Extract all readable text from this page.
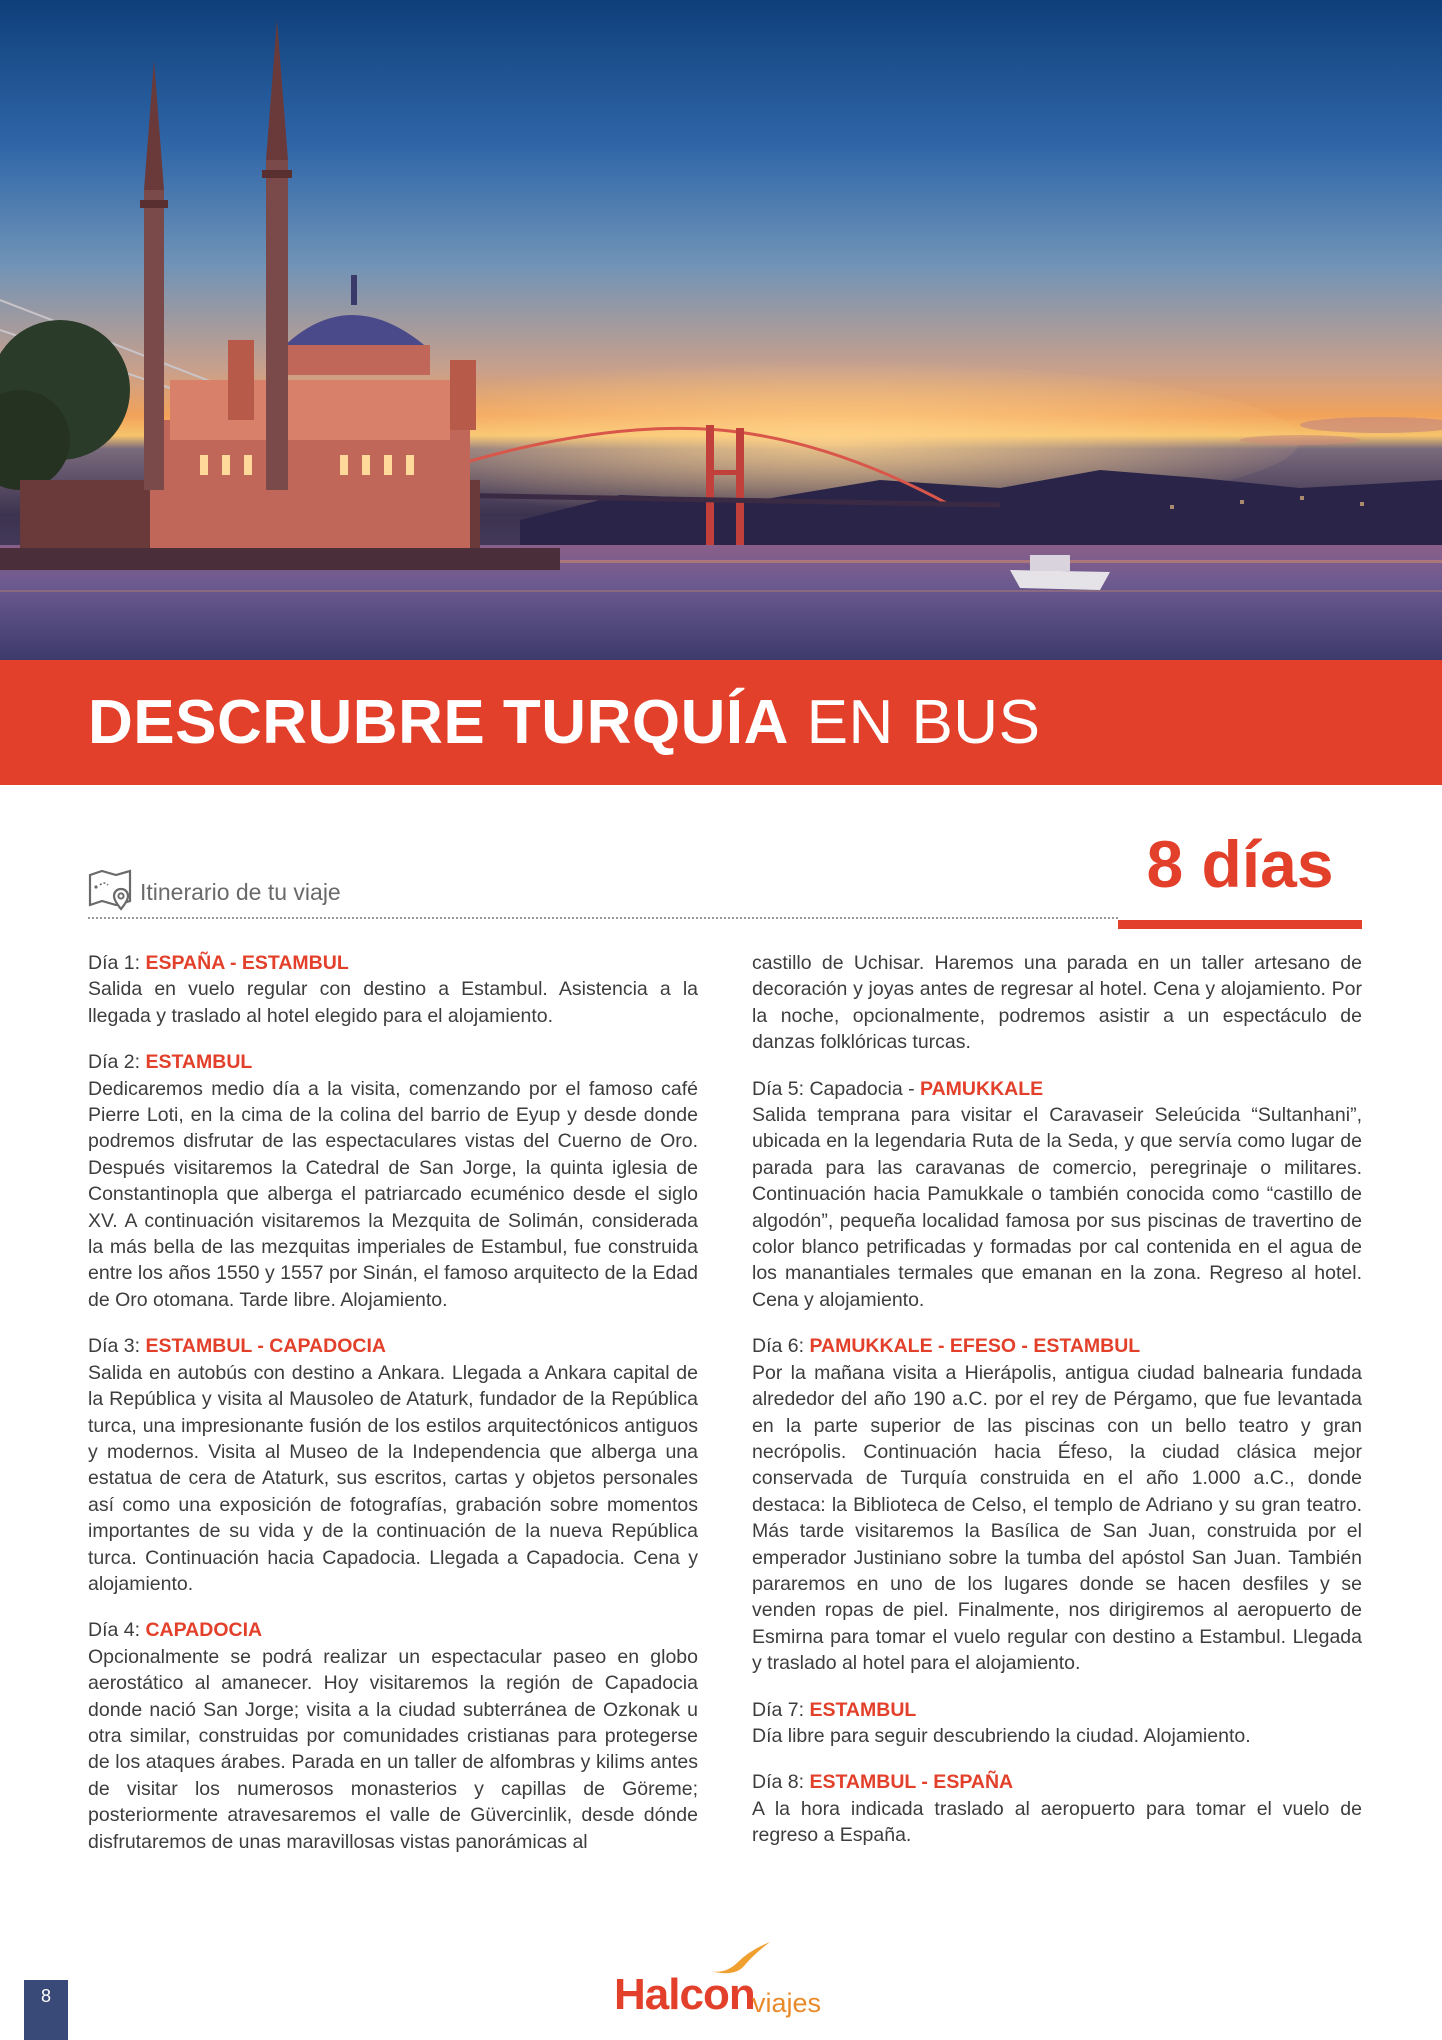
DESCRUBRE TURQUÍA EN BUS
Itinerario de tu viaje	8 días

Día 1: ESPAÑA - ESTAMBUL

Salida en vuelo regular con destino a Estambul. Asistencia a la llegada y traslado al hotel elegido para el alojamiento.

Día 2: ESTAMBUL

Dedicaremos medio día a la visita, comenzando por el famoso café Pierre Loti, en la cima de la colina del barrio de Eyup y desde donde podremos disfrutar de las espectaculares vistas del Cuerno de Oro. Después visitaremos la Catedral de San Jorge, la quinta iglesia de Constantinopla que alberga el patriarcado ecuménico desde el siglo XV. A continuación visitaremos la Mezquita de Solimán, considerada la más bella de las mezquitas imperiales de Estambul, fue construida entre los años 1550 y 1557 por Sinán, el famoso arquitecto de la Edad de Oro otomana. Tarde libre. Alojamiento.

Día 3: ESTAMBUL - CAPADOCIA

Salida en autobús con destino a Ankara. Llegada a Ankara capital de la República y visita al Mausoleo de Ataturk, fundador de la República turca, una impresionante fusión de los estilos arquitectónicos antiguos y modernos. Visita al Museo de la Independencia que alberga una estatua de cera de Ataturk, sus escritos, cartas y objetos personales así como una exposición de fotografías, grabación sobre momentos importantes de su vida y de la continuación de la nueva República turca. Continuación hacia Capadocia. Llegada a Capadocia. Cena y alojamiento.

Día 4: CAPADOCIA

Opcionalmente se podrá realizar un espectacular paseo en globo aerostático al amanecer. Hoy visitaremos la región de Capadocia donde nació San Jorge; visita a la ciudad subterránea de Ozkonak u otra similar, construidas por comunidades cristianas para protegerse de los ataques árabes. Parada en un taller de alfombras y kilims antes de visitar los numerosos monasterios y capillas de Göreme; posteriormente atravesaremos el valle de Güvercinlik, desde dónde disfrutaremos de unas maravillosas vistas panorámicas al

castillo de Uchisar. Haremos una parada en un taller artesano de decoración y joyas antes de regresar al hotel. Cena y alojamiento. Por la noche, opcionalmente, podremos asistir a un espectáculo de danzas folklóricas turcas.

Día 5: Capadocia - PAMUKKALE

Salida temprana para visitar el Caravaseir Seleúcida “Sultanhani”, ubicada en la legendaria Ruta de la Seda, y que servía como lugar de parada para las caravanas de comercio, peregrinaje o militares. Continuación hacia Pamukkale o también conocida como “castillo de algodón”, pequeña localidad famosa por sus piscinas de travertino de color blanco petrificadas y formadas por cal contenida en el agua de los manantiales termales que emanan en la zona. Regreso al hotel. Cena y alojamiento.

Día 6: PAMUKKALE - EFESO - ESTAMBUL

Por la mañana visita a Hierápolis, antigua ciudad balnearia fundada alrededor del año 190 a.C. por el rey de Pérgamo, que fue levantada en la parte superior de las piscinas con un bello teatro y gran necrópolis. Continuación hacia Éfeso, la ciudad clásica mejor conservada de Turquía construida en el año 1.000 a.C., donde destaca: la Biblioteca de Celso, el templo de Adriano y su gran teatro. Más tarde visitaremos la Basílica de San Juan, construida por el emperador Justiniano sobre la tumba del apóstol San Juan. También pararemos en uno de los lugares donde se hacen desfiles y se venden ropas de piel. Finalmente, nos dirigiremos al aeropuerto de Esmirna para tomar el vuelo regular con destino a Estambul. Llegada y traslado al hotel para el alojamiento.

Día 7: ESTAMBUL

Día libre para seguir descubriendo la ciudad. Alojamiento.

Día 8: ESTAMBUL - ESPAÑA

A la hora indicada traslado al aeropuerto para tomar el vuelo de regreso a España.

8	Halcon
viajes
